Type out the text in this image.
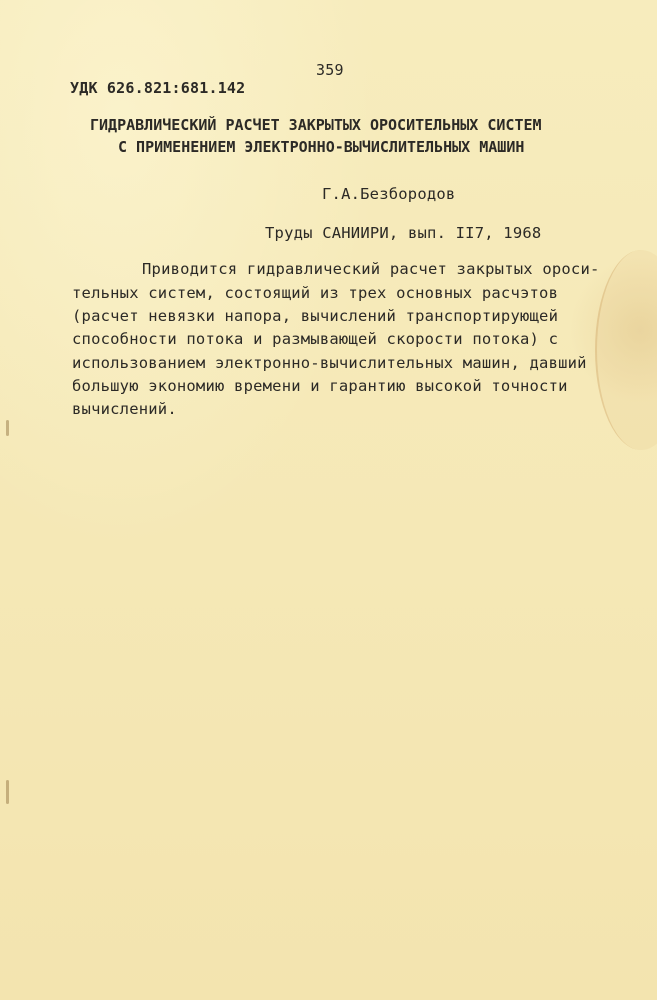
359
УДК 626.821:681.142
ГИДРАВЛИЧЕСКИЙ РАСЧЕТ ЗАКРЫТЫХ ОРОСИТЕЛЬНЫХ СИСТЕМ
С ПРИМЕНЕНИЕМ ЭЛЕКТРОННО-ВЫЧИСЛИТЕЛЬНЫХ МАШИН
Г.А.Безбородов
Труды САНИИРИ, вып. II7, 1968
Приводится гидравлический расчет закрытых ороси-
тельных систем, состоящий из трех основных расчэтов
(расчет невязки напора, вычислений транспортирующей
способности потока и размывающей скорости потока) с
использованием электронно-вычислительных машин, давший
большую экономию времени и гарантию высокой точности
вычислений.
